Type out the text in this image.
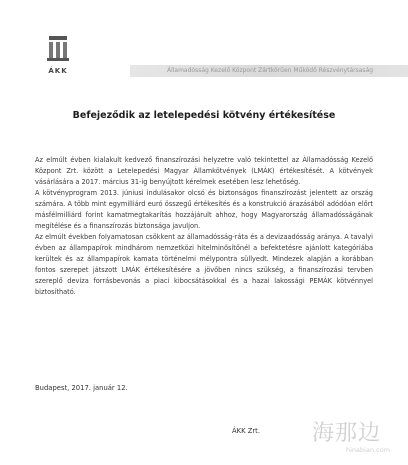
ÁKK	Államadósság Kezelő Központ Zártkörűen Működő Részvénytársaság
Befejeződik az letelepedési kötvény értékesítése

Az elmúlt évben kialakult kedvező finanszírozási helyzetre való tekintettel az Államadósság Kezelő Központ Zrt. között a Letelepedési Magyar Államkötvények (LMÁK) értékesítését. A kötvények vásárlására a 2017. március 31-ig benyújtott kérelmek esetében lesz lehetőség.

A kötvényprogram 2013. júniusi indulásakor olcsó és biztonságos finanszírozást jelentett az ország számára. A több mint egymilliárd euró összegű értékesítés és a konstrukció árazásából adódóan előrt másfélmilliárd forint kamatmegtakarítás hozzájárult ahhoz, hogy Magyarország államadósságának megítélése és a finanszírozás biztonsága javuljon.

Az elmúlt években folyamatosan csökkent az államadósság-ráta és a devizaadósság aránya. A tavalyi évben az állampapírok mindhárom nemzetközi hitelminősítőnél a befektetésre ajánlott kategóriába kerültek és az állampapírok kamata történelmi mélypontra süllyedt. Mindezek alapján a korábban fontos szerepet játszott LMÁK értékesítésére a jövőben nincs szükség, a finanszírozási tervben szereplő deviza forrásbevonás a piaci kibocsátásokkal és a hazai lakossági PEMÁK kötvénnyel biztosítható.

Budapest, 2017. január 12.
ÁKK Zrt. 海那边
hinabian.com
